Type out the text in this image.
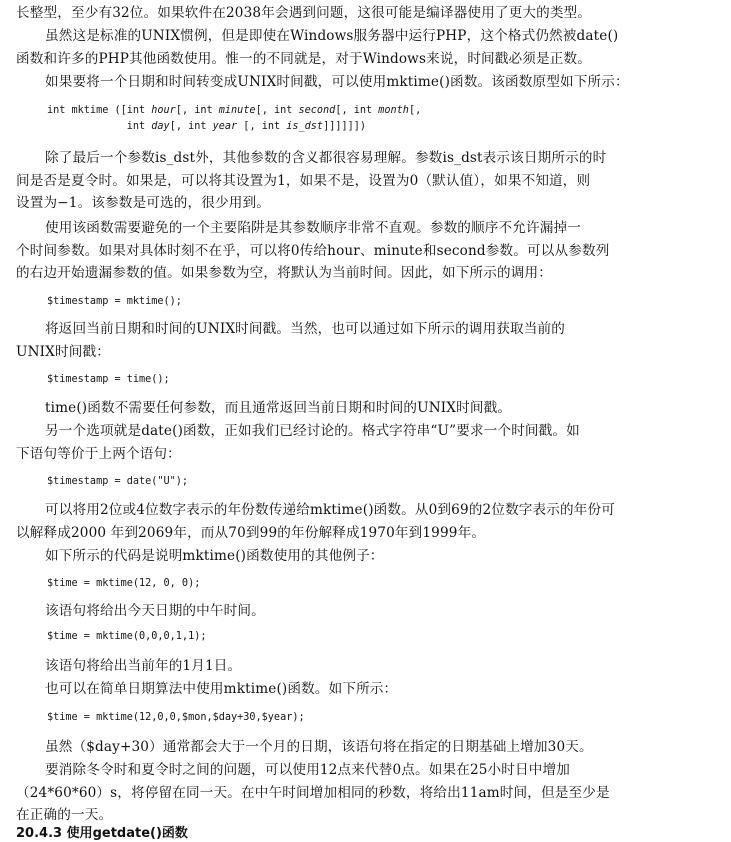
长整型，至少有32位。如果软件在2038年会遇到问题，这很可能是编译器使用了更大的类型。
虽然这是标准的UNIX惯例，但是即使在Windows服务器中运行PHP，这个格式仍然被date()
函数和许多的PHP其他函数使用。惟一的不同就是，对于Windows来说，时间戳必须是正数。
如果要将一个日期和时间转变成UNIX时间戳，可以使用mktime()函数。该函数原型如下所示：
int mktime ([int hour[, int minute[, int second[, int month[,
int day[, int year [, int is_dst]]]]]])
除了最后一个参数is_dst外，其他参数的含义都很容易理解。参数is_dst表示该日期所示的时
间是否是夏令时。如果是，可以将其设置为1，如果不是，设置为0（默认值），如果不知道，则
设置为−1。该参数是可选的，很少用到。
使用该函数需要避免的一个主要陷阱是其参数顺序非常不直观。参数的顺序不允许漏掉一
个时间参数。如果对具体时刻不在乎，可以将0传给hour、minute和second参数。可以从参数列
的右边开始遗漏参数的值。如果参数为空，将默认为当前时间。因此，如下所示的调用：
$timestamp = mktime();
将返回当前日期和时间的UNIX时间戳。当然，也可以通过如下所示的调用获取当前的
UNIX时间戳：
$timestamp = time();
time()函数不需要任何参数，而且通常返回当前日期和时间的UNIX时间戳。
另一个选项就是date()函数，正如我们已经讨论的。格式字符串“U”要求一个时间戳。如
下语句等价于上两个语句：
$timestamp = date("U");
可以将用2位或4位数字表示的年份数传递给mktime()函数。从0到69的2位数字表示的年份可
以解释成2000 年到2069年，而从70到99的年份解释成1970年到1999年。
如下所示的代码是说明mktime()函数使用的其他例子：
$time = mktime(12, 0, 0);
该语句将给出今天日期的中午时间。
$time = mktime(0,0,0,1,1);
该语句将给出当前年的1月1日。
也可以在简单日期算法中使用mktime()函数。如下所示：
$time = mktime(12,0,0,$mon,$day+30,$year);
虽然（$day+30）通常都会大于一个月的日期，该语句将在指定的日期基础上增加30天。
要消除冬令时和夏令时之间的问题，可以使用12点来代替0点。如果在25小时日中增加
（24*60*60）s，将停留在同一天。在中午时间增加相同的秒数，将给出11am时间，但是至少是
在正确的一天。
20.4.3 使用getdate()函数
